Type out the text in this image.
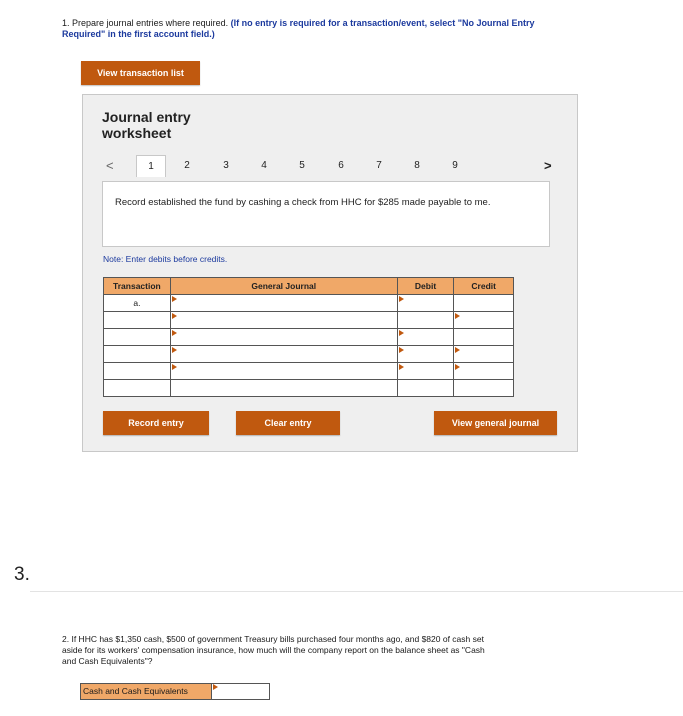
1. Prepare journal entries where required. (If no entry is required for a transaction/event, select "No Journal Entry Required" in the first account field.)
View transaction list
Journal entry worksheet
<	1	2	3	4	5	6	7	8	9	>
Record established the fund by cashing a check from HHC for $285 made payable to me.
Note: Enter debits before credits.
Transaction	General Journal	Debit	Credit
a.	

Record entry	Clear entry	View general journal
3.
2. If HHC has $1,350 cash, $500 of government Treasury bills purchased four months ago, and $820 of cash set aside for its workers' compensation insurance, how much will the company report on the balance sheet as "Cash and Cash Equivalents"?
Cash and Cash Equivalents
